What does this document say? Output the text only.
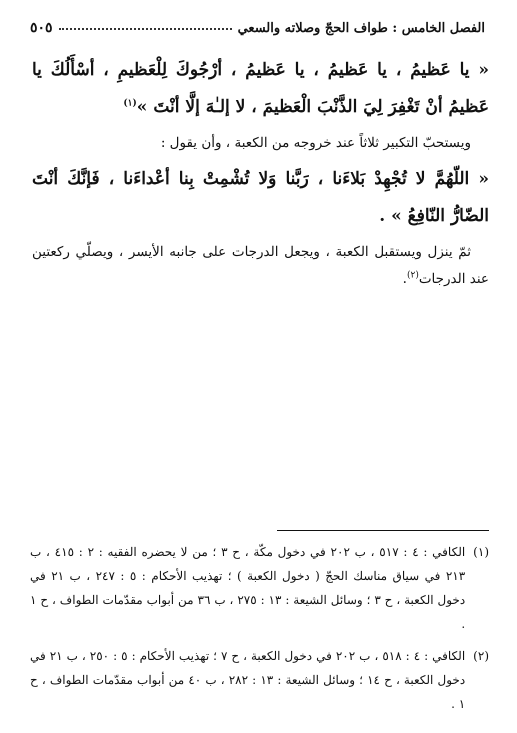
الفصل الخامس : طواف الحجّ وصلاته والسعي
٥٠٥

« يا عَظيمُ ، يا عَظيمُ ، يا عَظيمُ ، أرْجُوكَ لِلْعَظيمِ ، أسْأَلُكَ يا عَظيمُ أنْ تَغْفِرَ لِيَ الذَّنْبَ الْعَظيمَ ، لا إلـٰهَ إلَّا أنْتَ »$^{(١)}$

ويستحبّ التكبير ثلاثاً عند خروجه من الكعبة ، وأن يقول :

« اللّهُمَّ لا تُجْهِدْ بَلاءَنا ، رَبَّنا وَلا تُشْمِتْ بِنا أعْداءَنا ، فَإنَّكَ أنْتَ الضّارُّ النّافِعُ » .

ثمّ ينزل ويستقبل الكعبة ، ويجعل الدرجات على جانبه الأيسر ، ويصلّي ركعتين عند الدرجات$^{(٢)}$.

(١)
الكافي : ٤ : ٥١٧ ، ب ٢٠٢ في دخول مكّة ، ح ٣ ؛ من لا يحضره الفقيه : ٢ : ٤١٥ ، ب ٢١٣ في سياق مناسك الحجّ ( دخول الكعبة ) ؛ تهذيب الأحكام : ٥ : ٢٤٧ ، ب ٢١ في دخول الكعبة ، ح ٣ ؛ وسائل الشيعة : ١٣ : ٢٧٥ ، ب ٣٦ من أبواب مقدّمات الطواف ، ح ١ .
(٢)
الكافي : ٤ : ٥١٨ ، ب ٢٠٢ في دخول الكعبة ، ح ٧ ؛ تهذيب الأحكام : ٥ : ٢٥٠ ، ب ٢١ في دخول الكعبة ، ح ١٤ ؛ وسائل الشيعة : ١٣ : ٢٨٢ ، ب ٤٠ من أبواب مقدّمات الطواف ، ح ١ .
